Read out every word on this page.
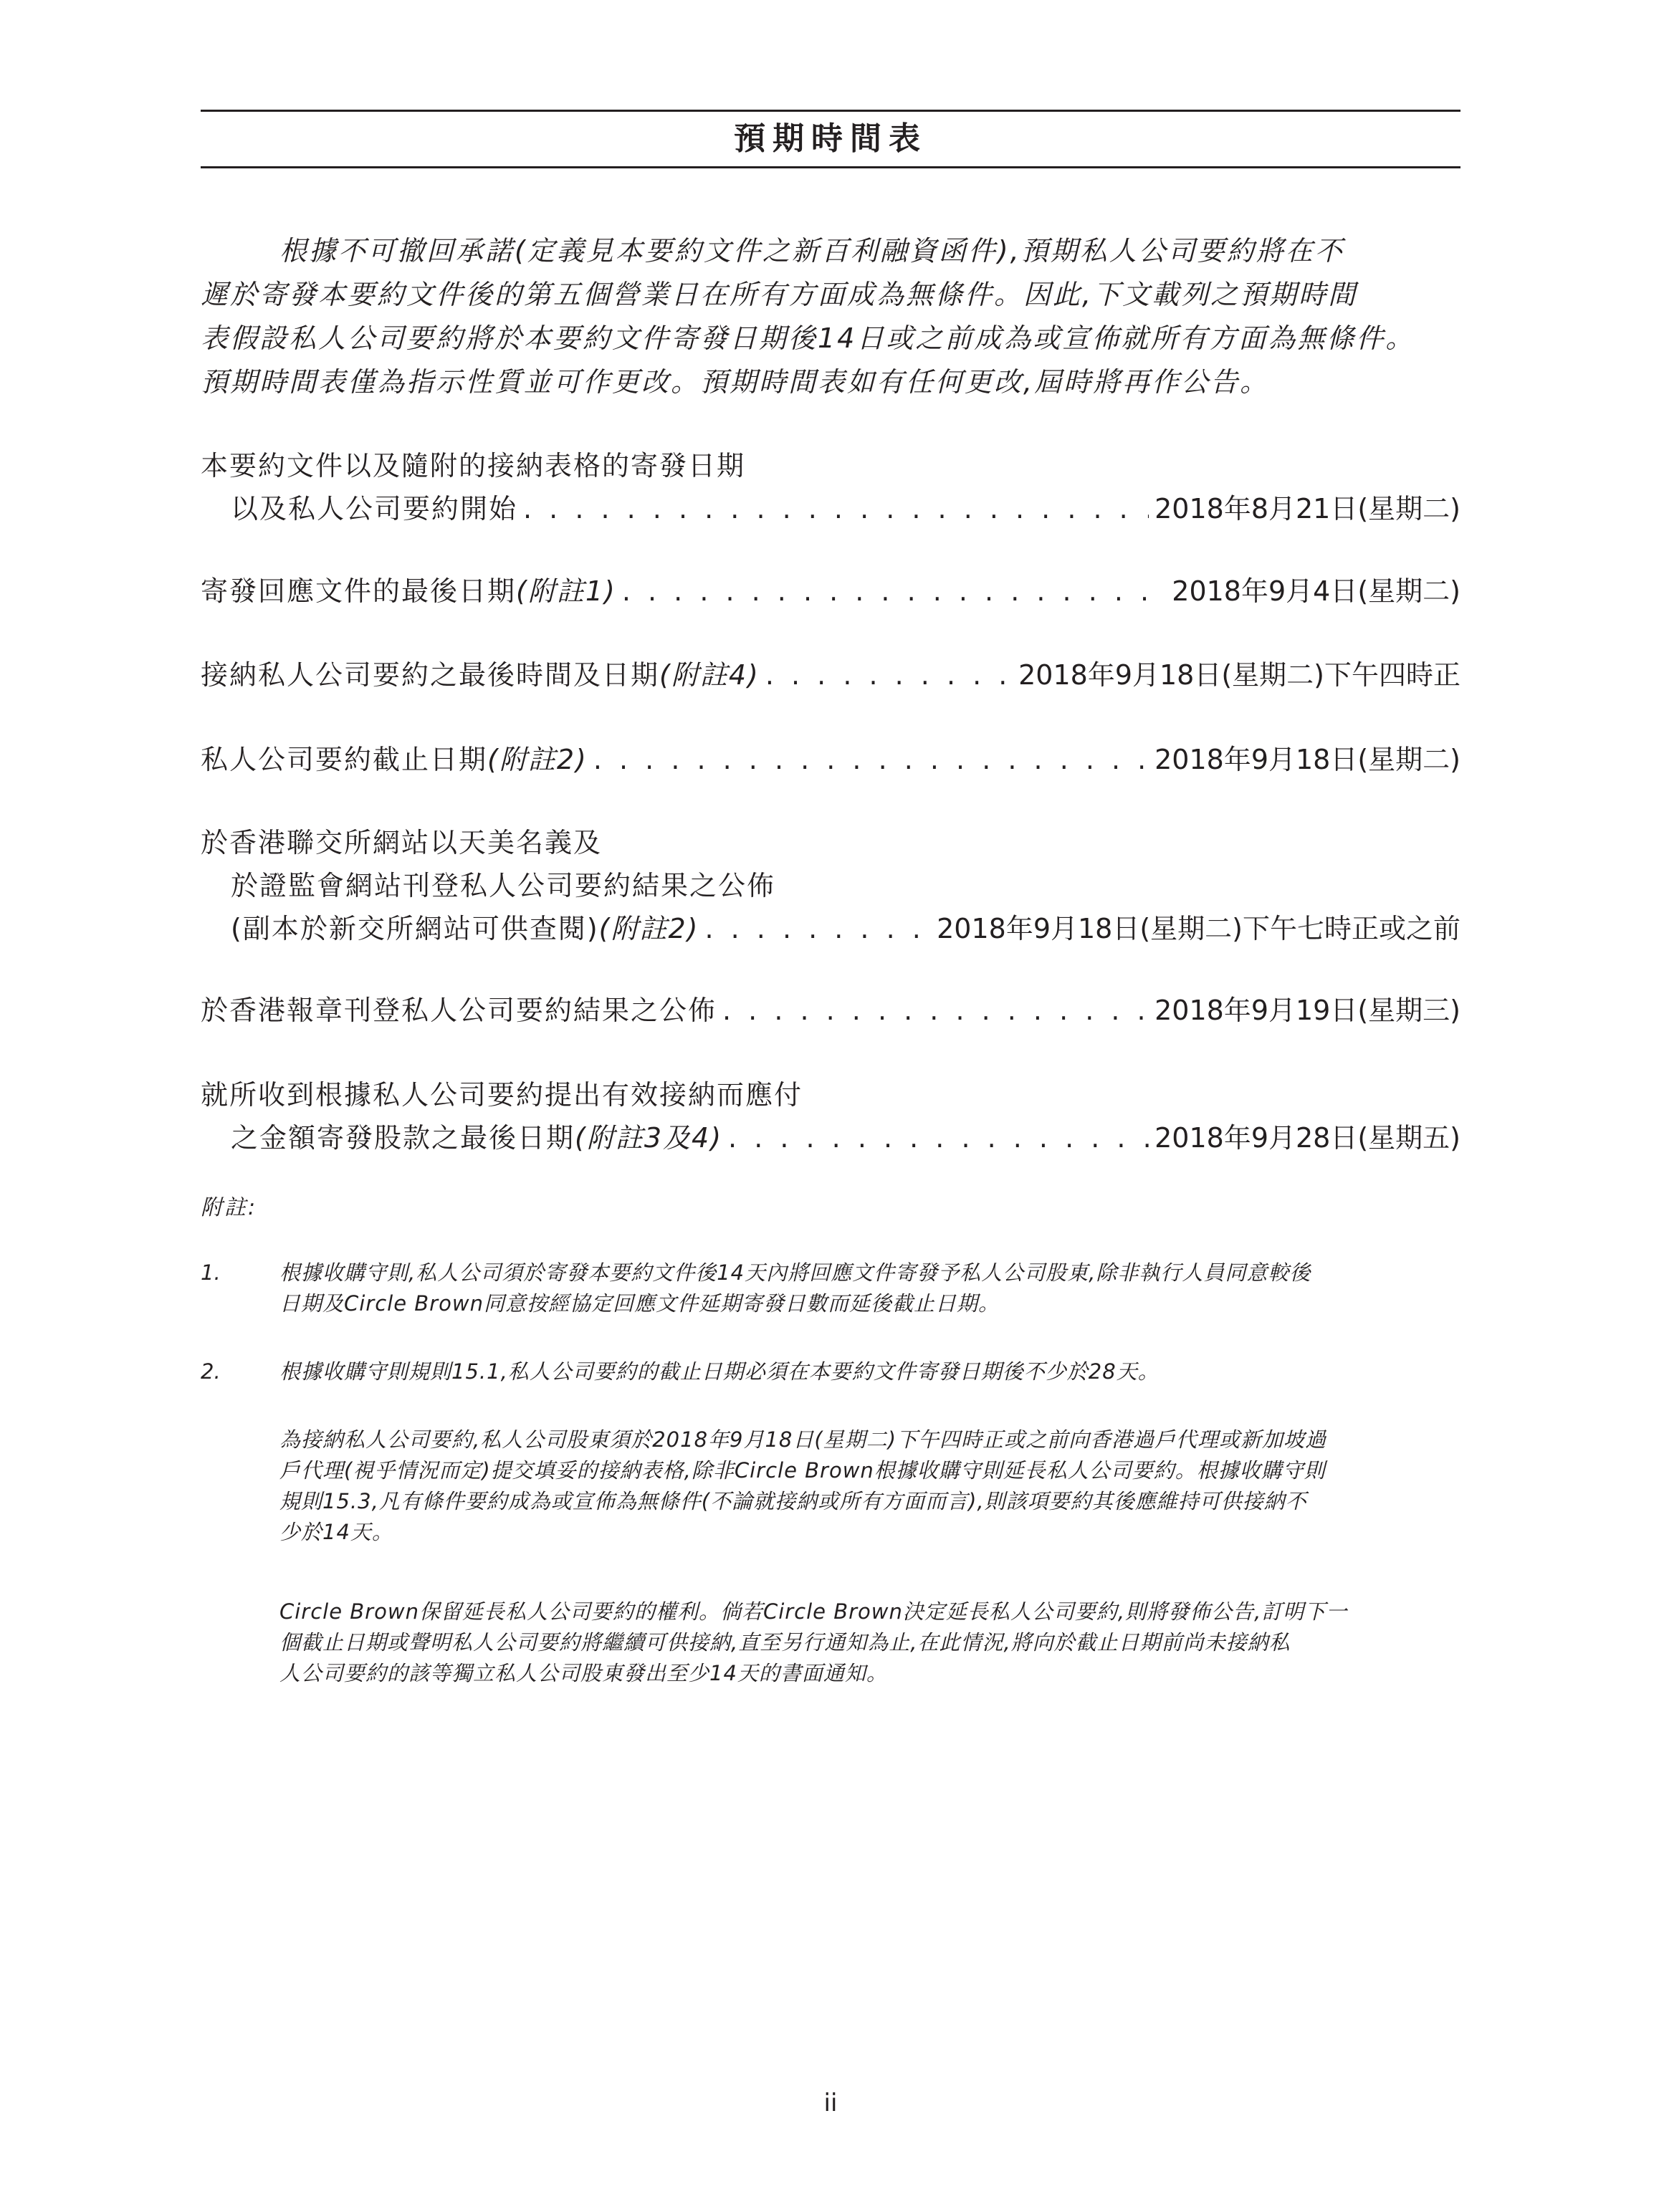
預期時間表
根據不可撤回承諾(定義見本要約文件之新百利融資函件),預期私人公司要約將在不
遲於寄發本要約文件後的第五個營業日在所有方面成為無條件。因此,下文載列之預期時間
表假設私人公司要約將於本要約文件寄發日期後14日或之前成為或宣佈就所有方面為無條件。
預期時間表僅為指示性質並可作更改。預期時間表如有任何更改,屆時將再作公告。
本要約文件以及隨附的接納表格的寄發日期
以及私人公司要約開始 . . .	2018年8月21日(星期二)
寄發回應文件的最後日期(附註1) . . .	2018年9月4日(星期二)
接納私人公司要約之最後時間及日期(附註4) . . .	2018年9月18日(星期二)下午四時正
私人公司要約截止日期(附註2) . . .	2018年9月18日(星期二)
於香港聯交所網站以天美名義及
於證監會網站刊登私人公司要約結果之公佈
(副本於新交所網站可供查閱)(附註2) . . .	2018年9月18日(星期二)下午七時正或之前
於香港報章刊登私人公司要約結果之公佈 . . .	2018年9月19日(星期三)
就所收到根據私人公司要約提出有效接納而應付
之金額寄發股款之最後日期(附註3及4) . . .	2018年9月28日(星期五)
附註:
1.	根據收購守則,私人公司須於寄發本要約文件後14天內將回應文件寄發予私人公司股東,除非執行人員同意較後
日期及Circle Brown同意按經協定回應文件延期寄發日數而延後截止日期。
2.	根據收購守則規則15.1,私人公司要約的截止日期必須在本要約文件寄發日期後不少於28天。
為接納私人公司要約,私人公司股東須於2018年9月18日(星期二)下午四時正或之前向香港過戶代理或新加坡過
戶代理(視乎情況而定)提交填妥的接納表格,除非Circle Brown根據收購守則延長私人公司要約。根據收購守則
規則15.3,凡有條件要約成為或宣佈為無條件(不論就接納或所有方面而言),則該項要約其後應維持可供接納不
少於14天。
Circle Brown保留延長私人公司要約的權利。倘若Circle Brown決定延長私人公司要約,則將發佈公告,訂明下一
個截止日期或聲明私人公司要約將繼續可供接納,直至另行通知為止,在此情況,將向於截止日期前尚未接納私
人公司要約的該等獨立私人公司股東發出至少14天的書面通知。
ii
